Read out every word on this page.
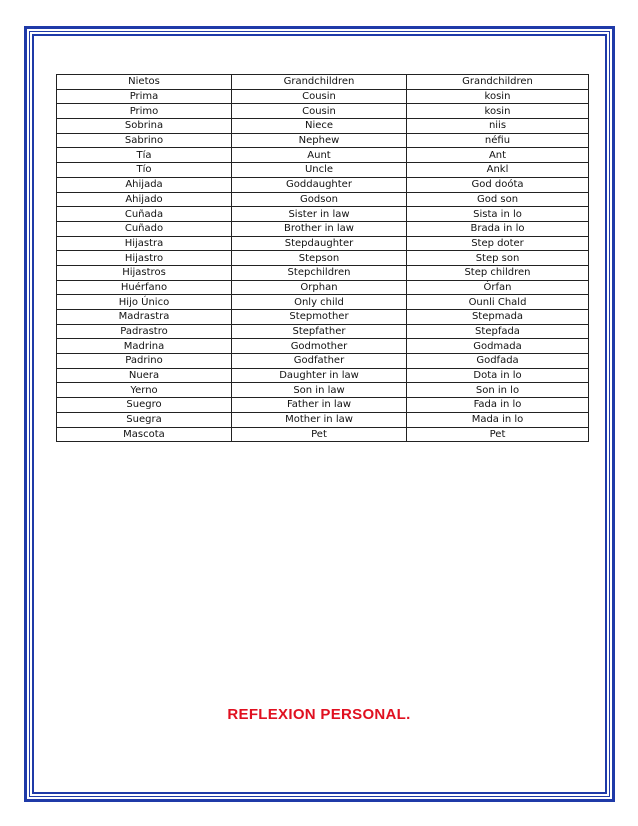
Nietos	Grandchildren	Grandchildren
Prima	Cousin	kosin
Primo	Cousin	kosin
Sobrina	Niece	niis
Sabrino	Nephew	néfiu
Tía	Aunt	Ant
Tío	Uncle	Ankl
Ahijada	Goddaughter	God doóta
Ahijado	Godson	God son
Cuñada	Sister in law	Sista in lo
Cuñado	Brother in law	Brada in lo
Hijastra	Stepdaughter	Step doter
Hijastro	Stepson	Step son
Hijastros	Stepchildren	Step children
Huérfano	Orphan	Órfan
Hijo Único	Only child	Ounli Chald
Madrastra	Stepmother	Stepmada
Padrastro	Stepfather	Stepfada
Madrina	Godmother	Godmada
Padrino	Godfather	Godfada
Nuera	Daughter in law	Dota in lo
Yerno	Son in law	Son in lo
Suegro	Father in law	Fada in lo
Suegra	Mother in law	Mada in lo
Mascota	Pet	Pet

REFLEXION PERSONAL.
